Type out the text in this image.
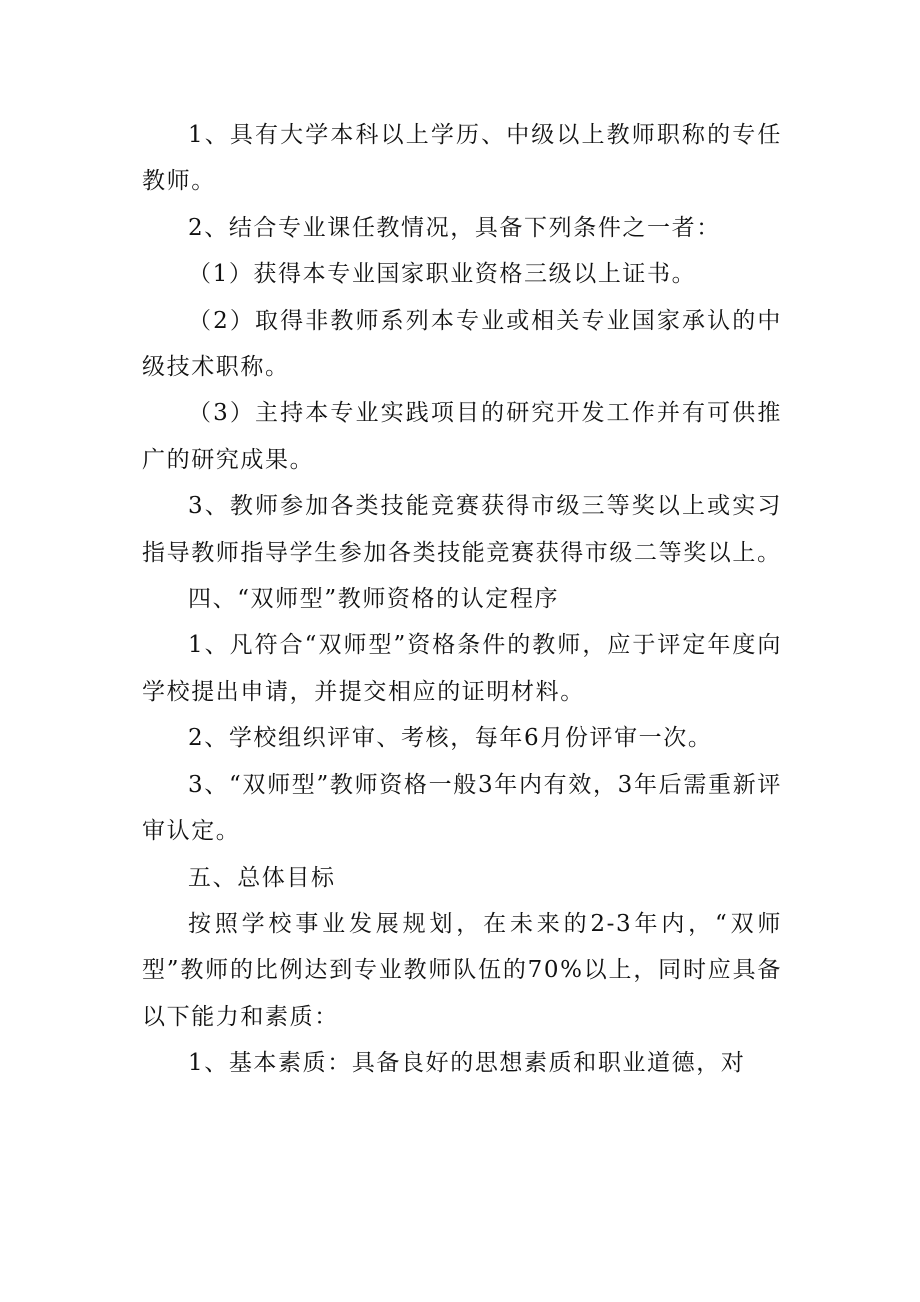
1、具有大学本科以上学历、中级以上教师职称的专任教师。

2、结合专业课任教情况，具备下列条件之一者：

（1）获得本专业国家职业资格三级以上证书。

（2）取得非教师系列本专业或相关专业国家承认的中级技术职称。

（3）主持本专业实践项目的研究开发工作并有可供推广的研究成果。

3、教师参加各类技能竞赛获得市级三等奖以上或实习指导教师指导学生参加各类技能竞赛获得市级二等奖以上。

四、“双师型”教师资格的认定程序

1、凡符合“双师型”资格条件的教师，应于评定年度向学校提出申请，并提交相应的证明材料。

2、学校组织评审、考核，每年6月份评审一次。

3、“双师型”教师资格一般3年内有效，3年后需重新评审认定。

五、总体目标

按照学校事业发展规划，在未来的2-3年内，“双师型”教师的比例达到专业教师队伍的70%以上，同时应具备以下能力和素质：

1、基本素质：具备良好的思想素质和职业道德，对
